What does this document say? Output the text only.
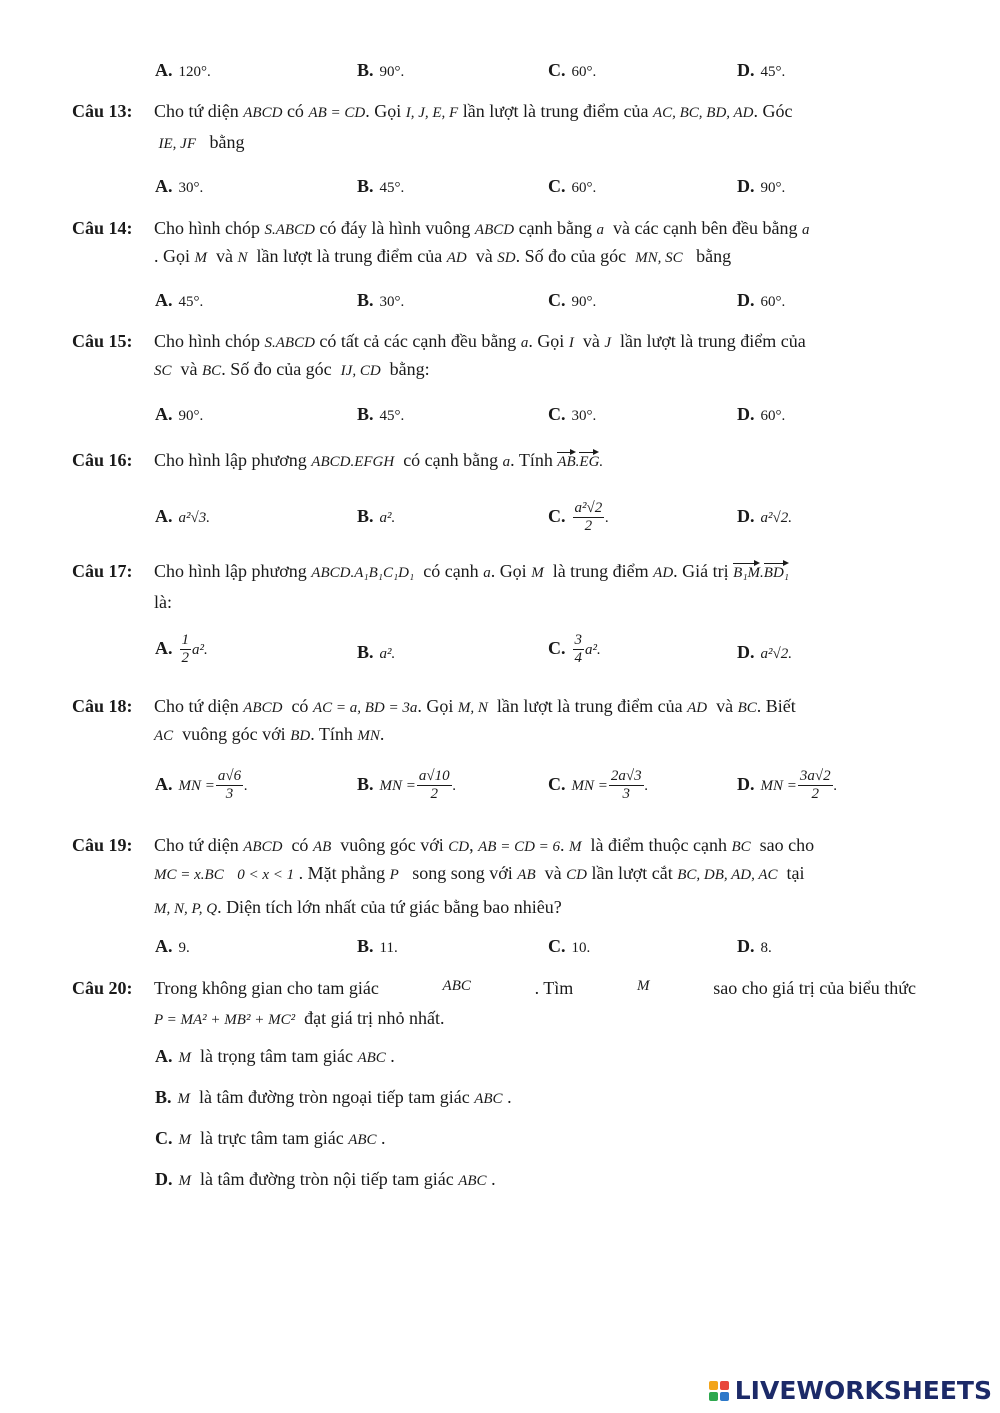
A. 120°.	B. 90°.	C. 60°.	D. 45°.
Câu 13: Cho tứ diện ABCD có AB = CD. Gọi I, J, E, F lần lượt là trung điểm của AC, BC, BD, AD. Góc
IE, JF bằng
A. 30°.	B. 45°.	C. 60°.	D. 90°.
Câu 14: Cho hình chóp S.ABCD có đáy là hình vuông ABCD cạnh bằng a và các cạnh bên đều bằng a
. Gọi M và N lần lượt là trung điểm của AD và SD. Số đo của góc MN, SC bằng
A. 45°.	B. 30°.	C. 90°.	D. 60°.
Câu 15: Cho hình chóp S.ABCD có tất cả các cạnh đều bằng a. Gọi I và J lần lượt là trung điểm của
SC và BC. Số đo của góc IJ, CD bằng:
A. 90°.	B. 45°.	C. 30°.	D. 60°.
Câu 16: Cho hình lập phương ABCD.EFGH có cạnh bằng a. Tính AB.EG.
A. a²√3.	B. a².	C. $\frac{\text{a²√2}}{2}$ .	D. a²√2.
Câu 17: Cho hình lập phương ABCD.A₁B₁C₁D₁ có cạnh a. Gọi M là trung điểm AD. Giá trị B₁M.BD₁
là:
A. $\frac{1}{2} a^2$.	B. a².	C. $\frac{3}{4} a^2$.	D. a²√2.
Câu 18: Cho tứ diện ABCD có AC = a, BD = 3a. Gọi M, N lần lượt là trung điểm của AD và BC. Biết
AC vuông góc với BD. Tính MN.
A. MN = $\frac{a√6}{3}$ .	B. MN = $\frac{a√10}{2}$ .	C. MN = $\frac{2a√3}{3}$ .	D. MN = $\frac{3a√2}{2}$ .
Câu 19: Cho tứ diện ABCD có AB vuông góc với CD, AB = CD = 6. M là điểm thuộc cạnh BC sao cho
MC = x.BC 0 < x < 1 . Mặt phẳng P song song với AB và CD lần lượt cắt BC, DB, AD, AC tại
M, N, P, Q. Diện tích lớn nhất của tứ giác bằng bao nhiêu?
A. 9.	B. 11.	C. 10.	D. 8.
Câu 20: Trong không gian cho tam giác	ABC	. Tìm	M	sao cho giá trị của biểu thức
P = MA² + MB² + MC² đạt giá trị nhỏ nhất.
A. M là trọng tâm tam giác ABC .
B. M là tâm đường tròn ngoại tiếp tam giác ABC .
C. M là trực tâm tam giác ABC .
D. M là tâm đường tròn nội tiếp tam giác ABC .
LIVEWORKSHEETS
